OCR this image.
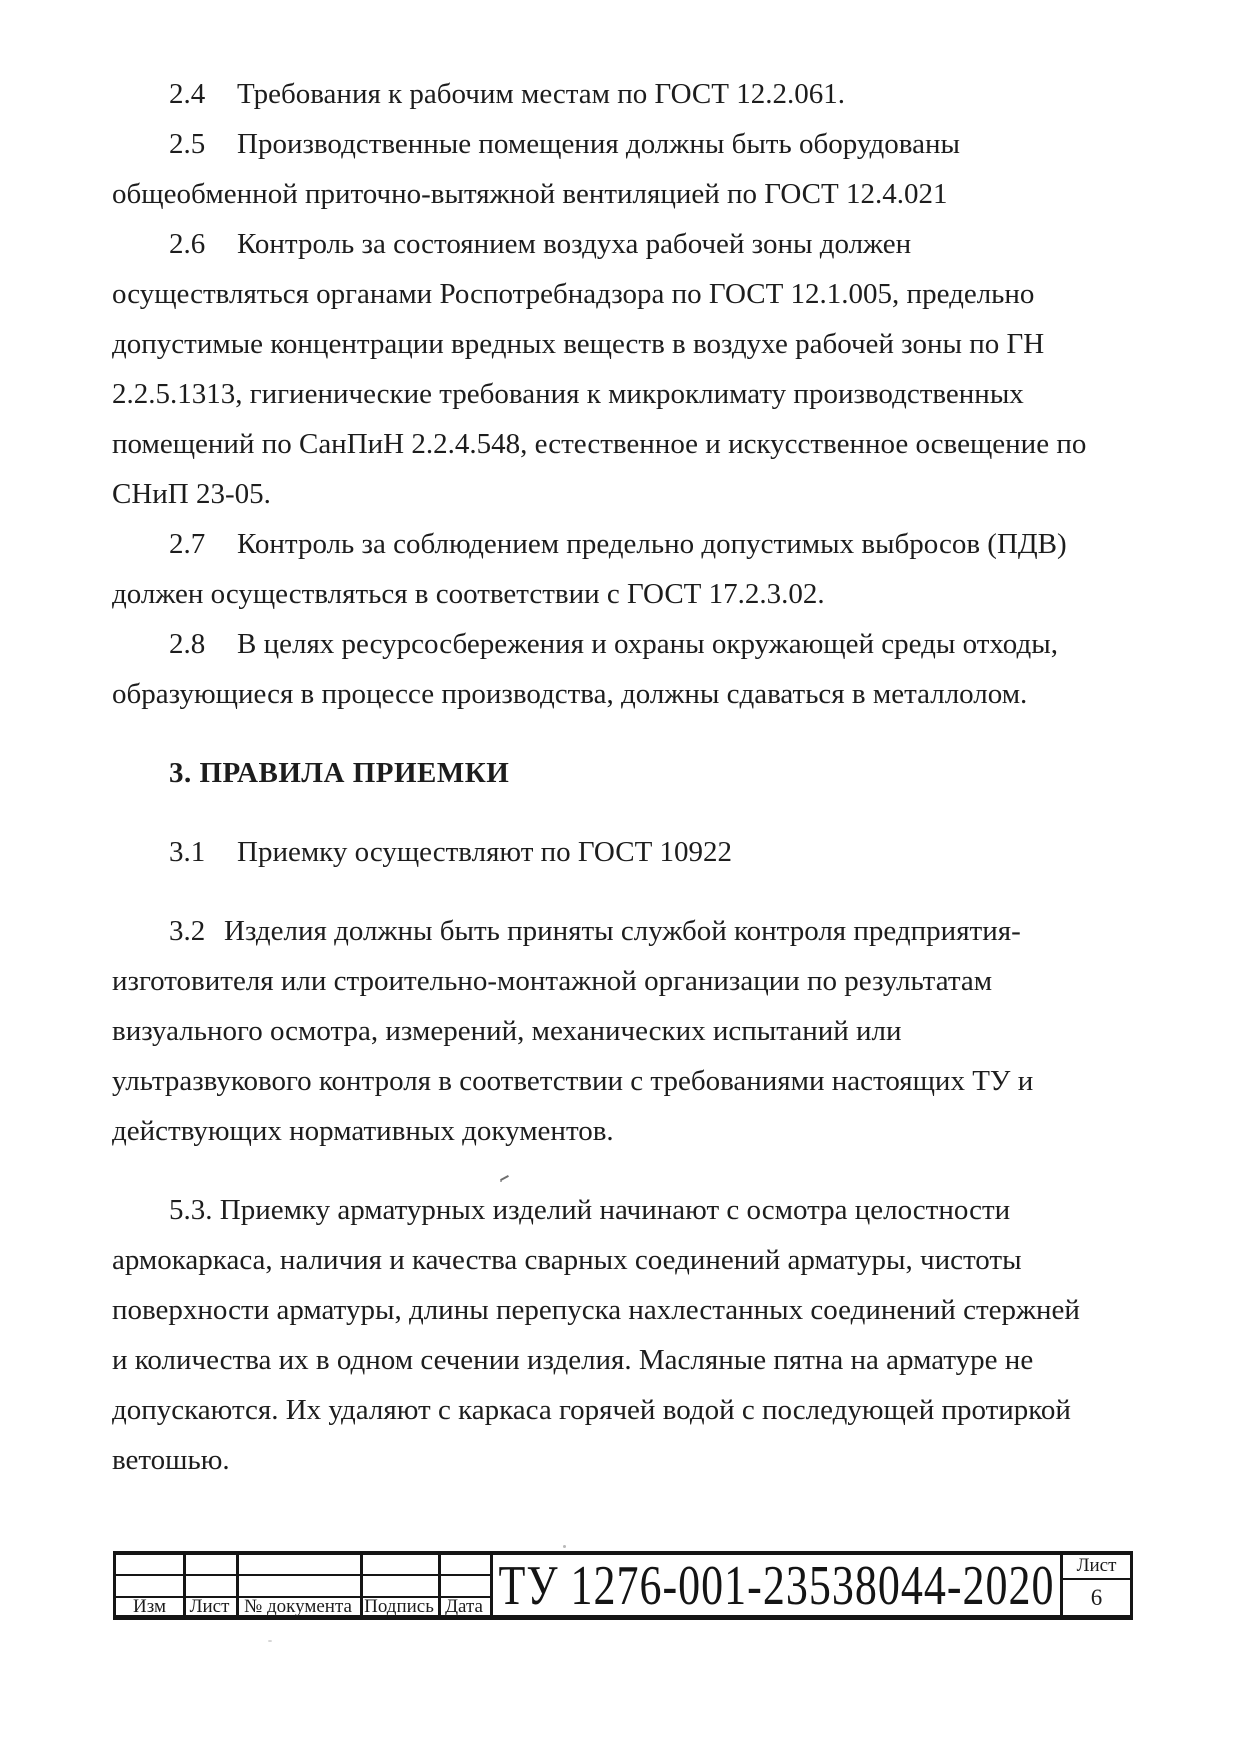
2.4 Требования к рабочим местам по ГОСТ 12.2.061.
2.5 Производственные помещения должны быть оборудованы
общеобменной приточно-вытяжной вентиляцией по ГОСТ 12.4.021
2.6 Контроль за состоянием воздуха рабочей зоны должен
осуществляться органами Роспотребнадзора по ГОСТ 12.1.005, предельно
допустимые концентрации вредных веществ в воздухе рабочей зоны по ГН
2.2.5.1313, гигиенические требования к микроклимату производственных
помещений по СанПиН 2.2.4.548, естественное и искусственное освещение по
СНиП 23-05.
2.7 Контроль за соблюдением предельно допустимых выбросов (ПДВ)
должен осуществляться в соответствии с ГОСТ 17.2.3.02.
2.8 В целях ресурсосбережения и охраны окружающей среды отходы,
образующиеся в процессе производства, должны сдаваться в металлолом.
3. ПРАВИЛА ПРИЕМКИ
3.1 Приемку осуществляют по ГОСТ 10922
3.2 Изделия должны быть приняты службой контроля предприятия-
изготовителя или строительно-монтажной организации по результатам
визуального осмотра, измерений, механических испытаний или
ультразвукового контроля в соответствии с требованиями настоящих ТУ и
действующих нормативных документов.
5.3. Приемку арматурных изделий начинают с осмотра целостности
армокаркаса, наличия и качества сварных соединений арматуры, чистоты
поверхности арматуры, длины перепуска нахлестанных соединений стержней
и количества их в одном сечении изделия. Масляные пятна на арматуре не
допускаются. Их удаляют с каркаса горячей водой с последующей протиркой
ветошью.
Изм	Лист № документа Подпись Дата ТУ 1276-001-23538044-2020	Лист
6
